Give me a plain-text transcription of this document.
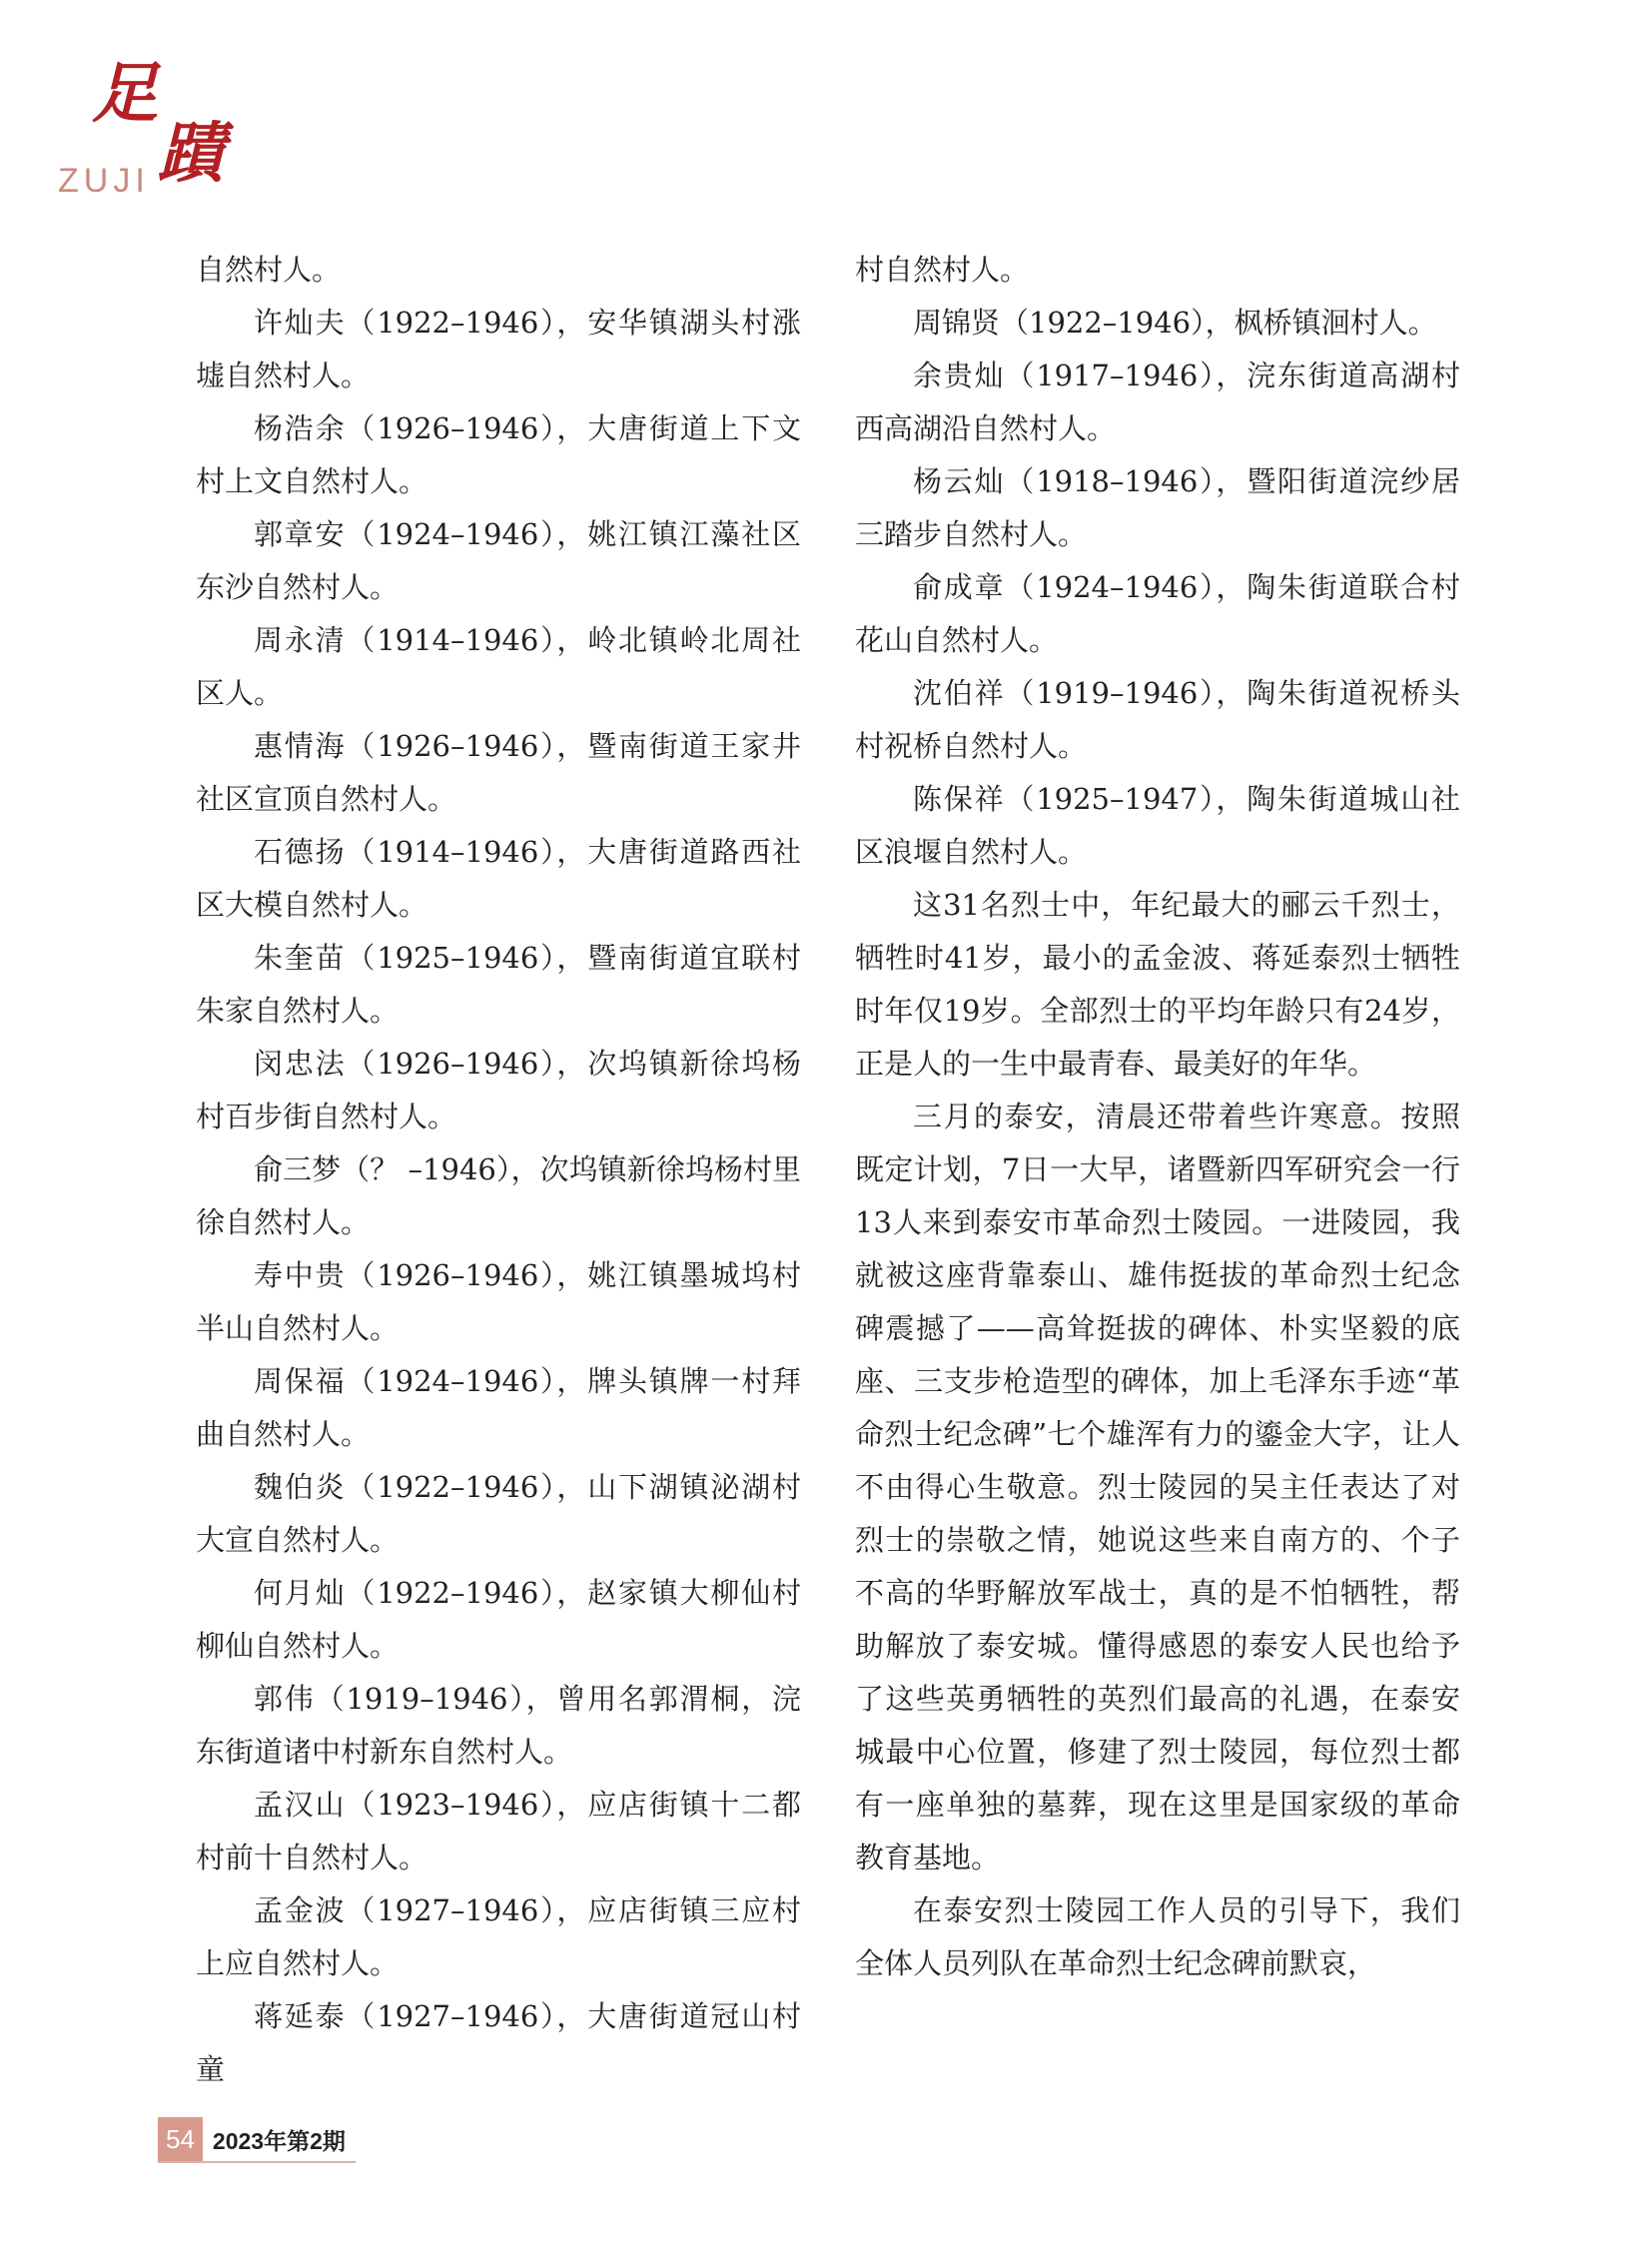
足
蹟
ZUJI

自然村人。

许灿夫（1922–1946），安华镇湖头村涨墟自然村人。

杨浩余（1926–1946），大唐街道上下文村上文自然村人。

郭章安（1924–1946），姚江镇江藻社区东沙自然村人。

周永清（1914–1946），岭北镇岭北周社区人。

惠情海（1926–1946），暨南街道王家井社区宣顶自然村人。

石德扬（1914–1946），大唐街道路西社区大模自然村人。

朱奎苗（1925–1946），暨南街道宜联村朱家自然村人。

闵忠法（1926–1946），次坞镇新徐坞杨村百步街自然村人。

俞三梦（？ –1946），次坞镇新徐坞杨村里徐自然村人。

寿中贵（1926–1946），姚江镇墨城坞村半山自然村人。

周保福（1924–1946），牌头镇牌一村拜曲自然村人。

魏伯炎（1922–1946），山下湖镇泌湖村大宣自然村人。

何月灿（1922–1946），赵家镇大柳仙村柳仙自然村人。

郭伟（1919–1946），曾用名郭渭桐，浣东街道诸中村新东自然村人。

孟汉山（1923–1946），应店街镇十二都村前十自然村人。

孟金波（1927–1946），应店街镇三应村上应自然村人。

蒋延泰（1927–1946），大唐街道冠山村童

村自然村人。

周锦贤（1922–1946），枫桥镇洄村人。

余贵灿（1917–1946），浣东街道高湖村西高湖沿自然村人。

杨云灿（1918–1946），暨阳街道浣纱居三踏步自然村人。

俞成章（1924–1946），陶朱街道联合村花山自然村人。

沈伯祥（1919–1946），陶朱街道祝桥头村祝桥自然村人。

陈保祥（1925–1947），陶朱街道城山社区浪堰自然村人。

这31名烈士中，年纪最大的郦云千烈士，牺牲时41岁，最小的孟金波、蒋延泰烈士牺牲时年仅19岁。全部烈士的平均年龄只有24岁，正是人的一生中最青春、最美好的年华。

三月的泰安，清晨还带着些许寒意。按照既定计划，7日一大早，诸暨新四军研究会一行13人来到泰安市革命烈士陵园。一进陵园，我就被这座背靠泰山、雄伟挺拔的革命烈士纪念碑震撼了——高耸挺拔的碑体、朴实坚毅的底座、三支步枪造型的碑体，加上毛泽东手迹“革命烈士纪念碑”七个雄浑有力的鎏金大字，让人不由得心生敬意。烈士陵园的吴主任表达了对烈士的崇敬之情，她说这些来自南方的、个子不高的华野解放军战士，真的是不怕牺牲，帮助解放了泰安城。懂得感恩的泰安人民也给予了这些英勇牺牲的英烈们最高的礼遇，在泰安城最中心位置，修建了烈士陵园，每位烈士都有一座单独的墓葬，现在这里是国家级的革命教育基地。

在泰安烈士陵园工作人员的引导下，我们全体人员列队在革命烈士纪念碑前默哀，

54 2023年第2期
